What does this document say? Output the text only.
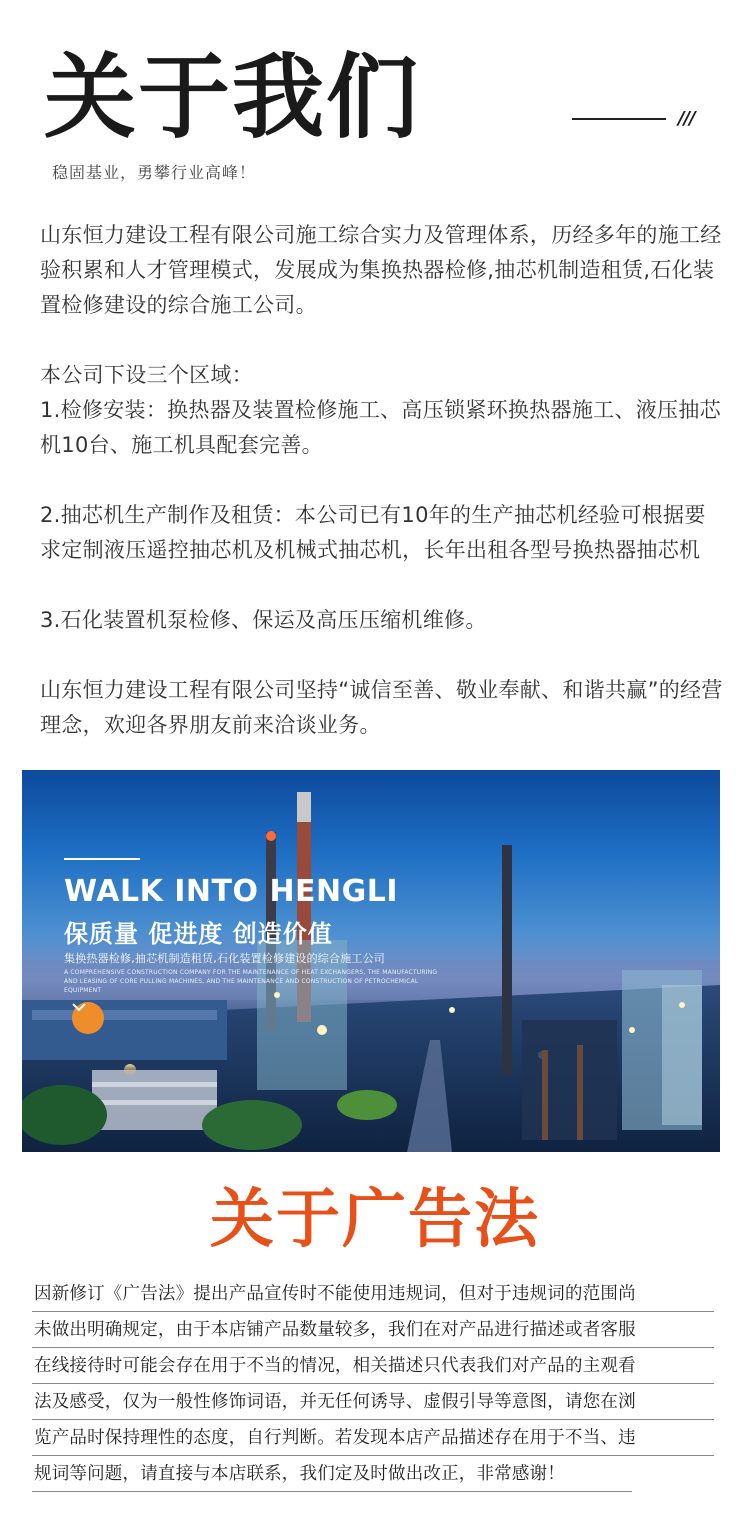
关于我们	///
稳固基业，勇攀行业高峰！

山东恒力建设工程有限公司施工综合实力及管理体系，历经多年的施工经验积累和人才管理模式，发展成为集换热器检修,抽芯机制造租赁,石化装置检修建设的综合施工公司。

本公司下设三个区域：

1.检修安装：换热器及装置检修施工、高压锁紧环换热器施工、液压抽芯机10台、施工机具配套完善。

2.抽芯机生产制作及租赁：本公司已有10年的生产抽芯机经验可根据要求定制液压遥控抽芯机及机械式抽芯机，长年出租各型号换热器抽芯机

3.石化装置机泵检修、保运及高压压缩机维修。

山东恒力建设工程有限公司坚持“诚信至善、敬业奉献、和谐共赢”的经营理念，欢迎各界朋友前来洽谈业务。

WALK INTO HENGLI
保质量 促进度 创造价值
集换热器检修,抽芯机制造租赁,石化装置检修建设的综合施工公司
A COMPREHENSIVE CONSTRUCTION COMPANY FOR THE MAINTENANCE OF HEAT EXCHANGERS, THE MANUFACTURING AND LEASING OF CORE PULLING MACHINES, AND THE MAINTENANCE AND CONSTRUCTION OF PETROCHEMICAL EQUIPMENT
关于广告法
因新修订《广告法》提出产品宣传时不能使用违规词，但对于违规词的范围尚
未做出明确规定，由于本店铺产品数量较多，我们在对产品进行描述或者客服
在线接待时可能会存在用于不当的情况，相关描述只代表我们对产品的主观看
法及感受，仅为一般性修饰词语，并无任何诱导、虚假引导等意图，请您在浏
览产品时保持理性的态度，自行判断。若发现本店产品描述存在用于不当、违
规词等问题，请直接与本店联系，我们定及时做出改正，非常感谢！
